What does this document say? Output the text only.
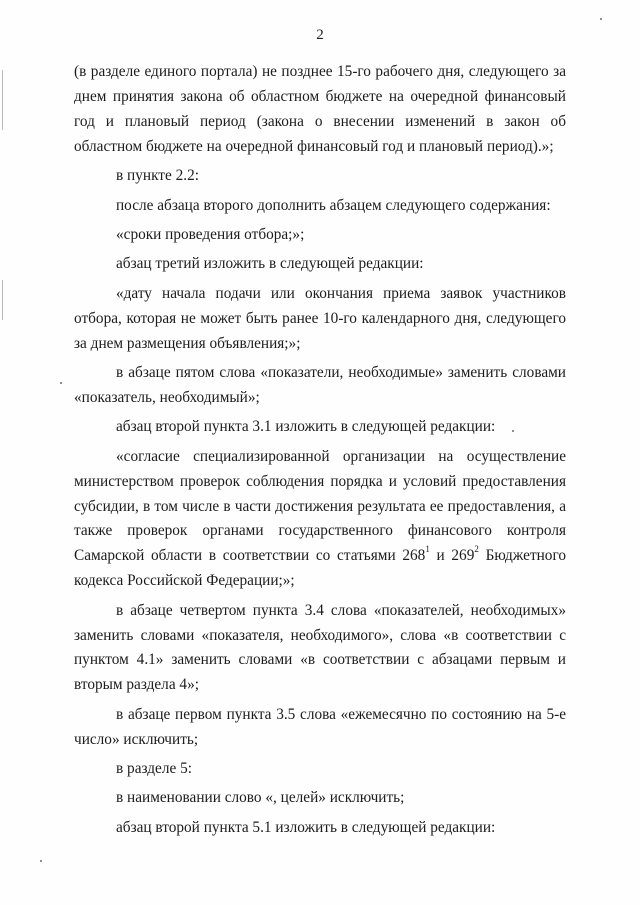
2

(в разделе единого портала) не позднее 15-го рабочего дня, следующего за днем принятия закона об областном бюджете на очередной финансовый год и плановый период (закона о внесении изменений в закон об областном бюджете на очередной финансовый год и плановый период).»;

в пункте 2.2:

после абзаца второго дополнить абзацем следующего содержания:

«сроки проведения отбора;»;

абзац третий изложить в следующей редакции:

«дату начала подачи или окончания приема заявок участников отбора, которая не может быть ранее 10-го календарного дня, следующего за днем размещения объявления;»;

в абзаце пятом слова «показатели, необходимые» заменить словами «показатель, необходимый»;

абзац второй пункта 3.1 изложить в следующей редакции:

«согласие специализированной организации на осуществление министерством проверок соблюдения порядка и условий предоставления субсидии, в том числе в части достижения результата ее предоставления, а также проверок органами государственного финансового контроля Самарской области в соответствии со статьями $268^1$ и $269^2$ Бюджетного кодекса Российской Федерации;»;

в абзаце четвертом пункта 3.4 слова «показателей, необходимых» заменить словами «показателя, необходимого», слова «в соответствии с пунктом 4.1» заменить словами «в соответствии с абзацами первым и вторым раздела 4»;

в абзаце первом пункта 3.5 слова «ежемесячно по состоянию на 5-е число» исключить;

в разделе 5:

в наименовании слово «, целей» исключить;

абзац второй пункта 5.1 изложить в следующей редакции:
